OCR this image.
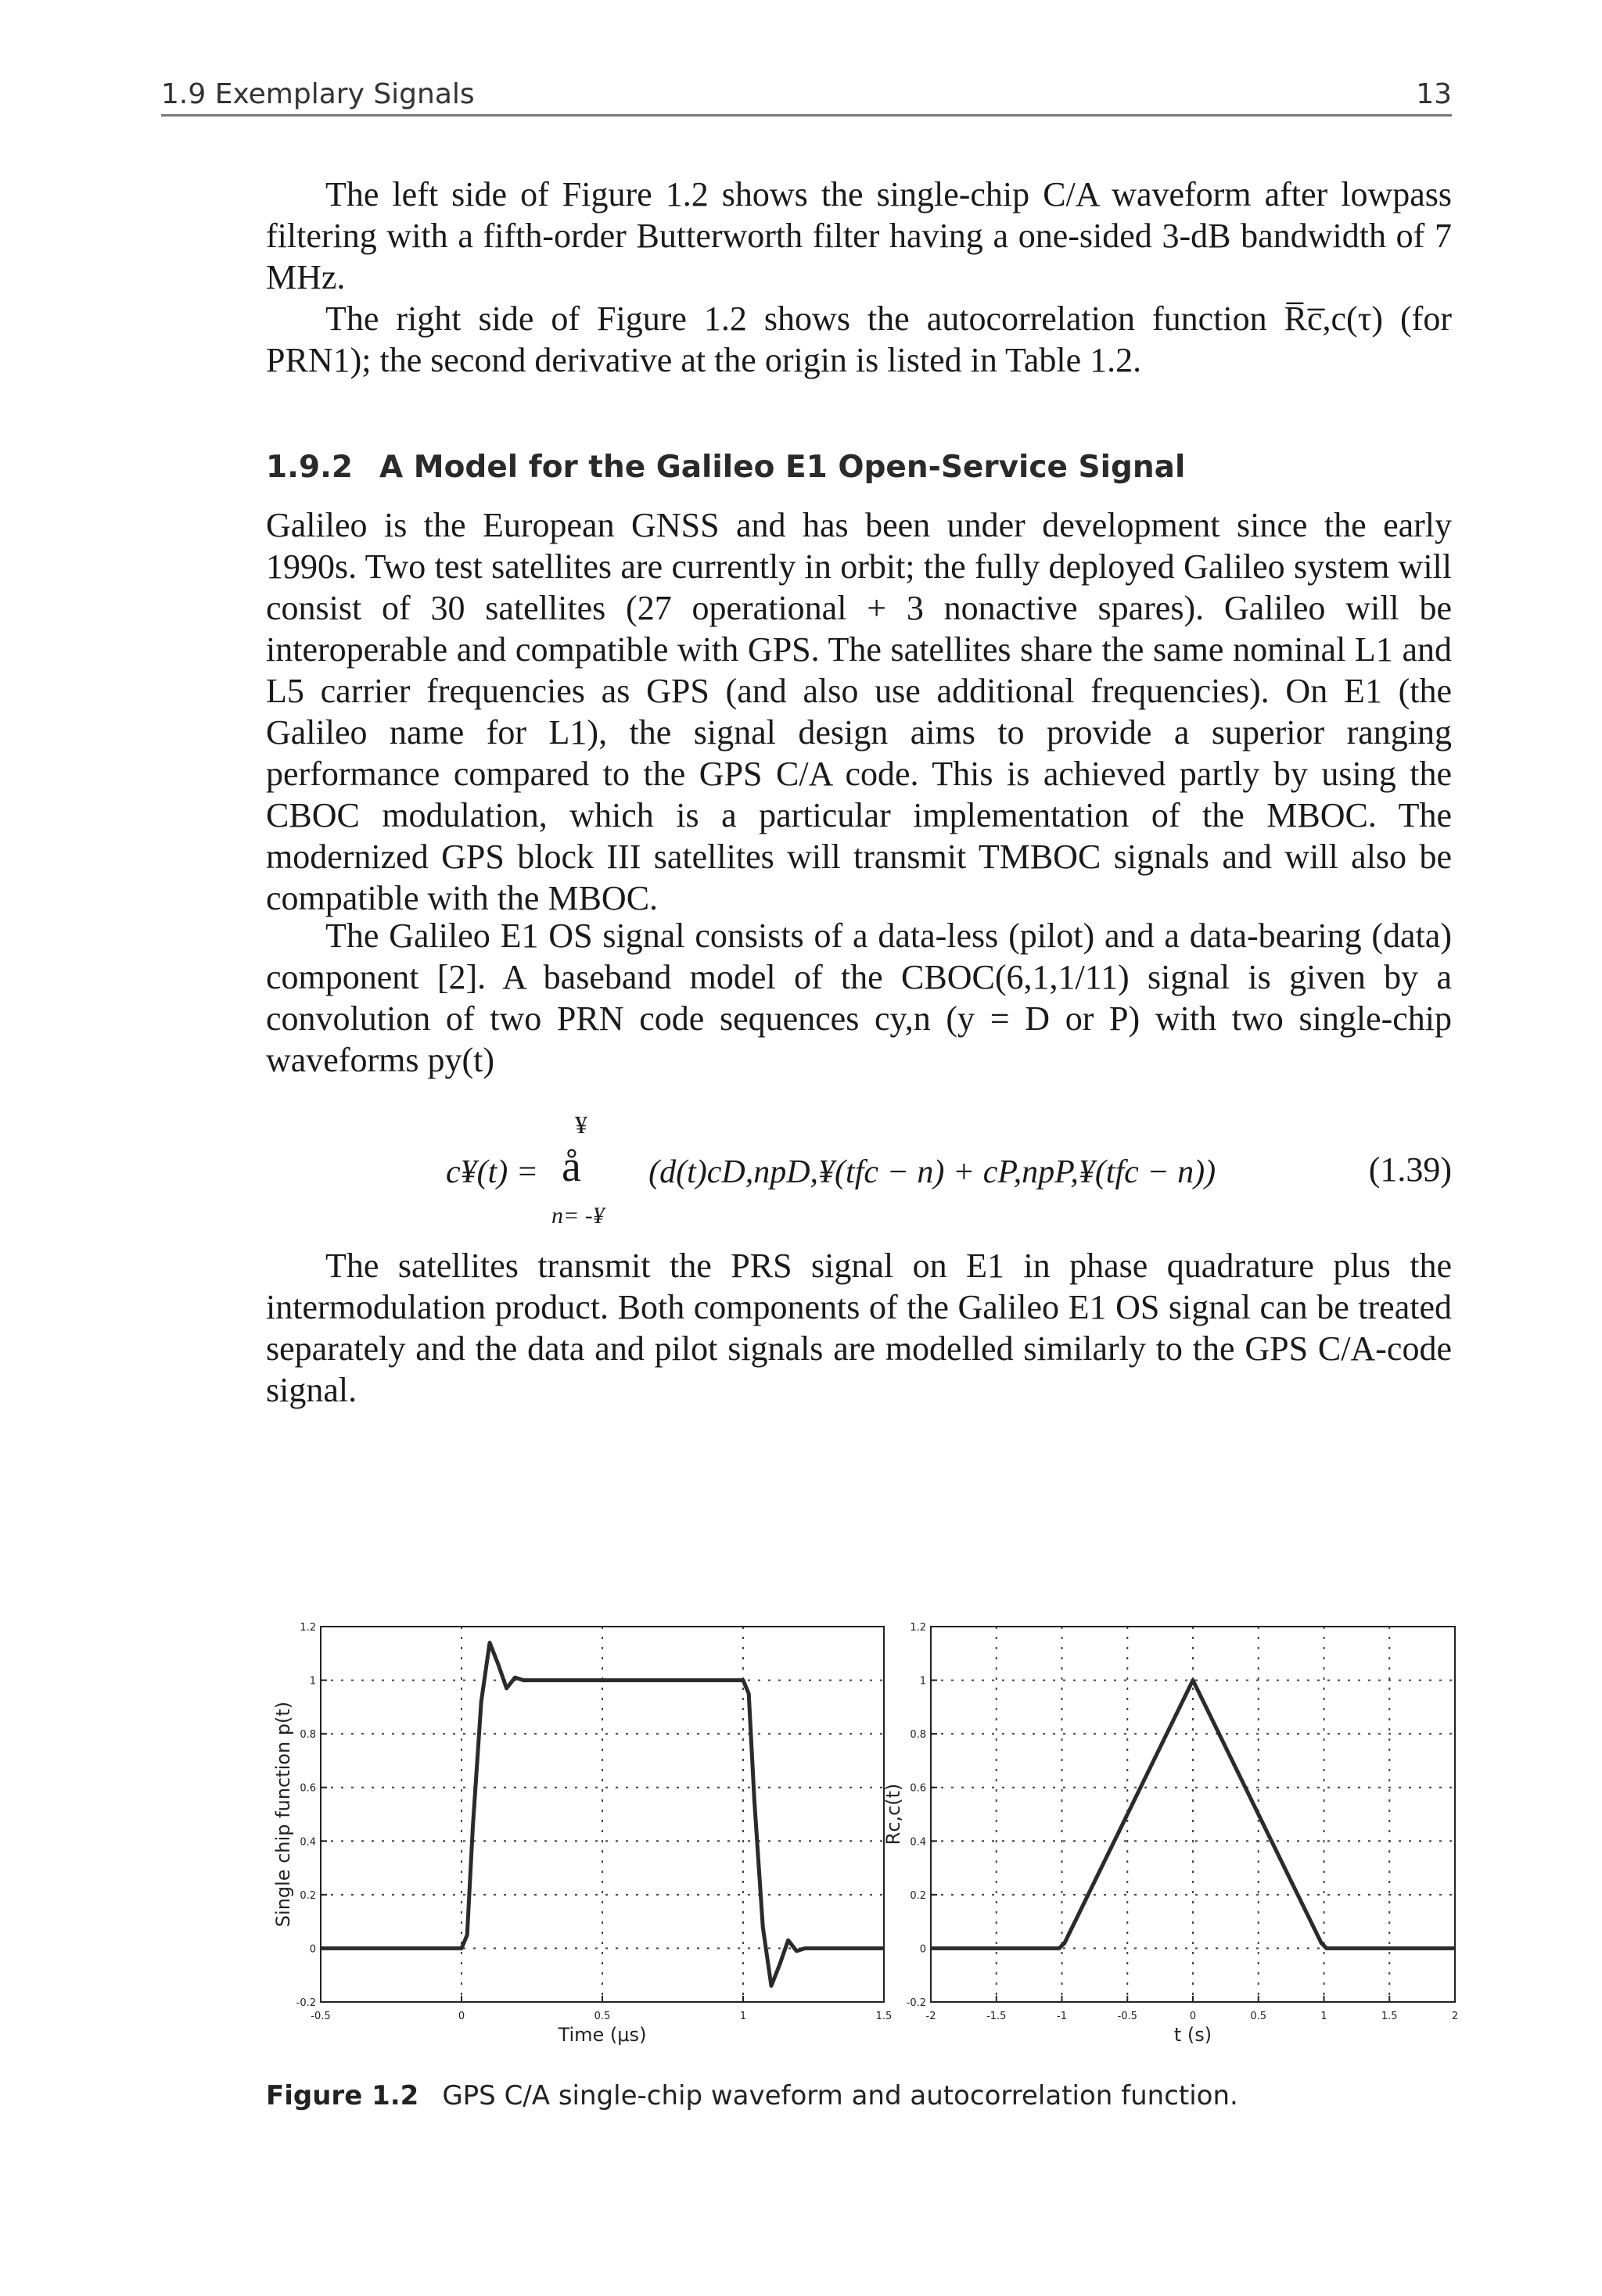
1.9 Exemplary Signals	13

The left side of Figure 1.2 shows the single-chip C/A waveform after lowpass filtering with a fifth-order Butterworth filter having a one-sided 3-dB bandwidth of 7 MHz.

The right side of Figure 1.2 shows the autocorrelation function R̅c̅,c(τ) (for PRN1); the second derivative at the origin is listed in Table 1.2.

1.9.2 A Model for the Galileo E1 Open-Service Signal

Galileo is the European GNSS and has been under development since the early 1990s. Two test satellites are currently in orbit; the fully deployed Galileo system will consist of 30 satellites (27 operational + 3 nonactive spares). Galileo will be interoperable and compatible with GPS. The satellites share the same nominal L1 and L5 carrier frequencies as GPS (and also use additional frequencies). On E1 (the Galileo name for L1), the signal design aims to provide a superior ranging performance compared to the GPS C/A code. This is achieved partly by using the CBOC modulation, which is a particular implementation of the MBOC. The modernized GPS block III satellites will transmit TMBOC signals and will also be compatible with the MBOC.

The Galileo E1 OS signal consists of a data-less (pilot) and a data-bearing (data) component [2]. A baseband model of the CBOC(6,1,1/11) signal is given by a convolution of two PRN code sequences cy,n (y = D or P) with two single-chip waveforms py(t)

¥
å
n= -¥
c¥(t) =	(d(t)cD,npD,¥(tfc − n) + cP,npP,¥(tfc − n))	(1.39)

The satellites transmit the PRS signal on E1 in phase quadrature plus the intermodulation product. Both components of the Galileo E1 OS signal can be treated separately and the data and pilot signals are modelled similarly to the GPS C/A-code signal.

-0.5	0	0.5	1	1.5
-0.2
0
0.2
0.4
0.6
0.8
1
1.2
Time (μs)
Single chip function p(t)
-2	-1.5	-1	-0.5	0	0.5	1	1.5	2
-0.2
0
0.2
0.4
0.6
0.8
1
1.2
t (s)
Rc,c(t)
Figure 1.2 GPS C/A single-chip waveform and autocorrelation function.
